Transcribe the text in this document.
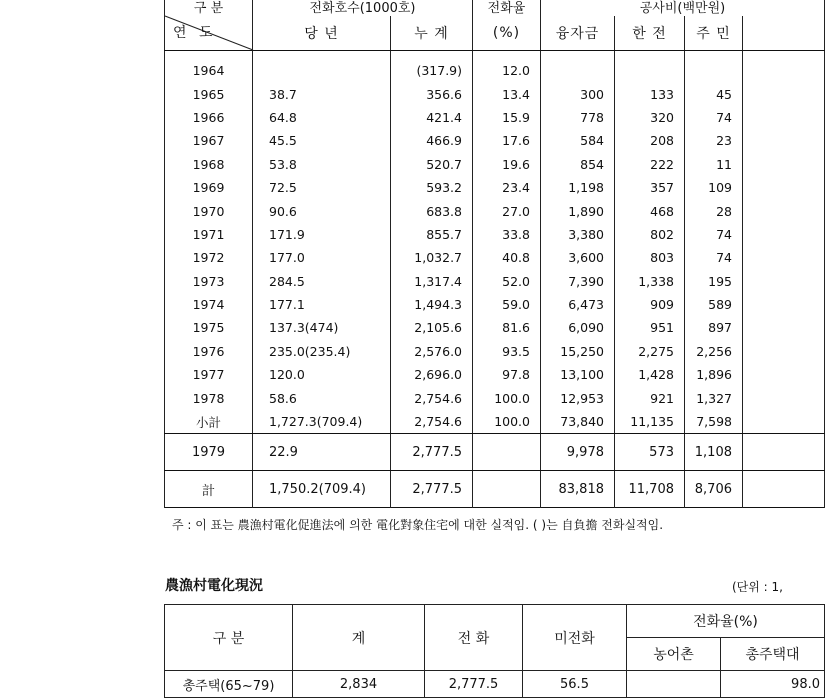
구 분	전화호수(1000호)		전화율	공사비(백만원)			

연 도	당 년	누 계	(%)	융자금	한 전	주 민	
1964		(317.9)	12.0				
1965	38.7	356.6	13.4	300	133	45	
1966	64.8	421.4	15.9	778	320	74	
1967	45.5	466.9	17.6	584	208	23	
1968	53.8	520.7	19.6	854	222	11	
1969	72.5	593.2	23.4	1,198	357	109	
1970	90.6	683.8	27.0	1,890	468	28	
1971	171.9	855.7	33.8	3,380	802	74	
1972	177.0	1,032.7	40.8	3,600	803	74	
1973	284.5	1,317.4	52.0	7,390	1,338	195	
1974	177.1	1,494.3	59.0	6,473	909	589	
1975	137.3(474)	2,105.6	81.6	6,090	951	897	
1976	235.0(235.4)	2,576.0	93.5	15,250	2,275	2,256	
1977	120.0	2,696.0	97.8	13,100	1,428	1,896	
1978	58.6	2,754.6	100.0	12,953	921	1,327	
小計	1,727.3(709.4)	2,754.6	100.0	73,840	11,135	7,598	
1979	22.9	2,777.5		9,978	573	1,108	
計	1,750.2(709.4)	2,777.5		83,818	11,708	8,706	
주 : 이 표는 農漁村電化促進法에 의한 電化對象住宅에 대한 실적임. ( )는 自負擔 전화실적임.
農漁村電化現況	(단위 : 1,
구 분	계	전 화	미전화	전화율(%)	
				농어촌	총주택대
총주택(65~79)	2,834	2,777.5	56.5		98.0
